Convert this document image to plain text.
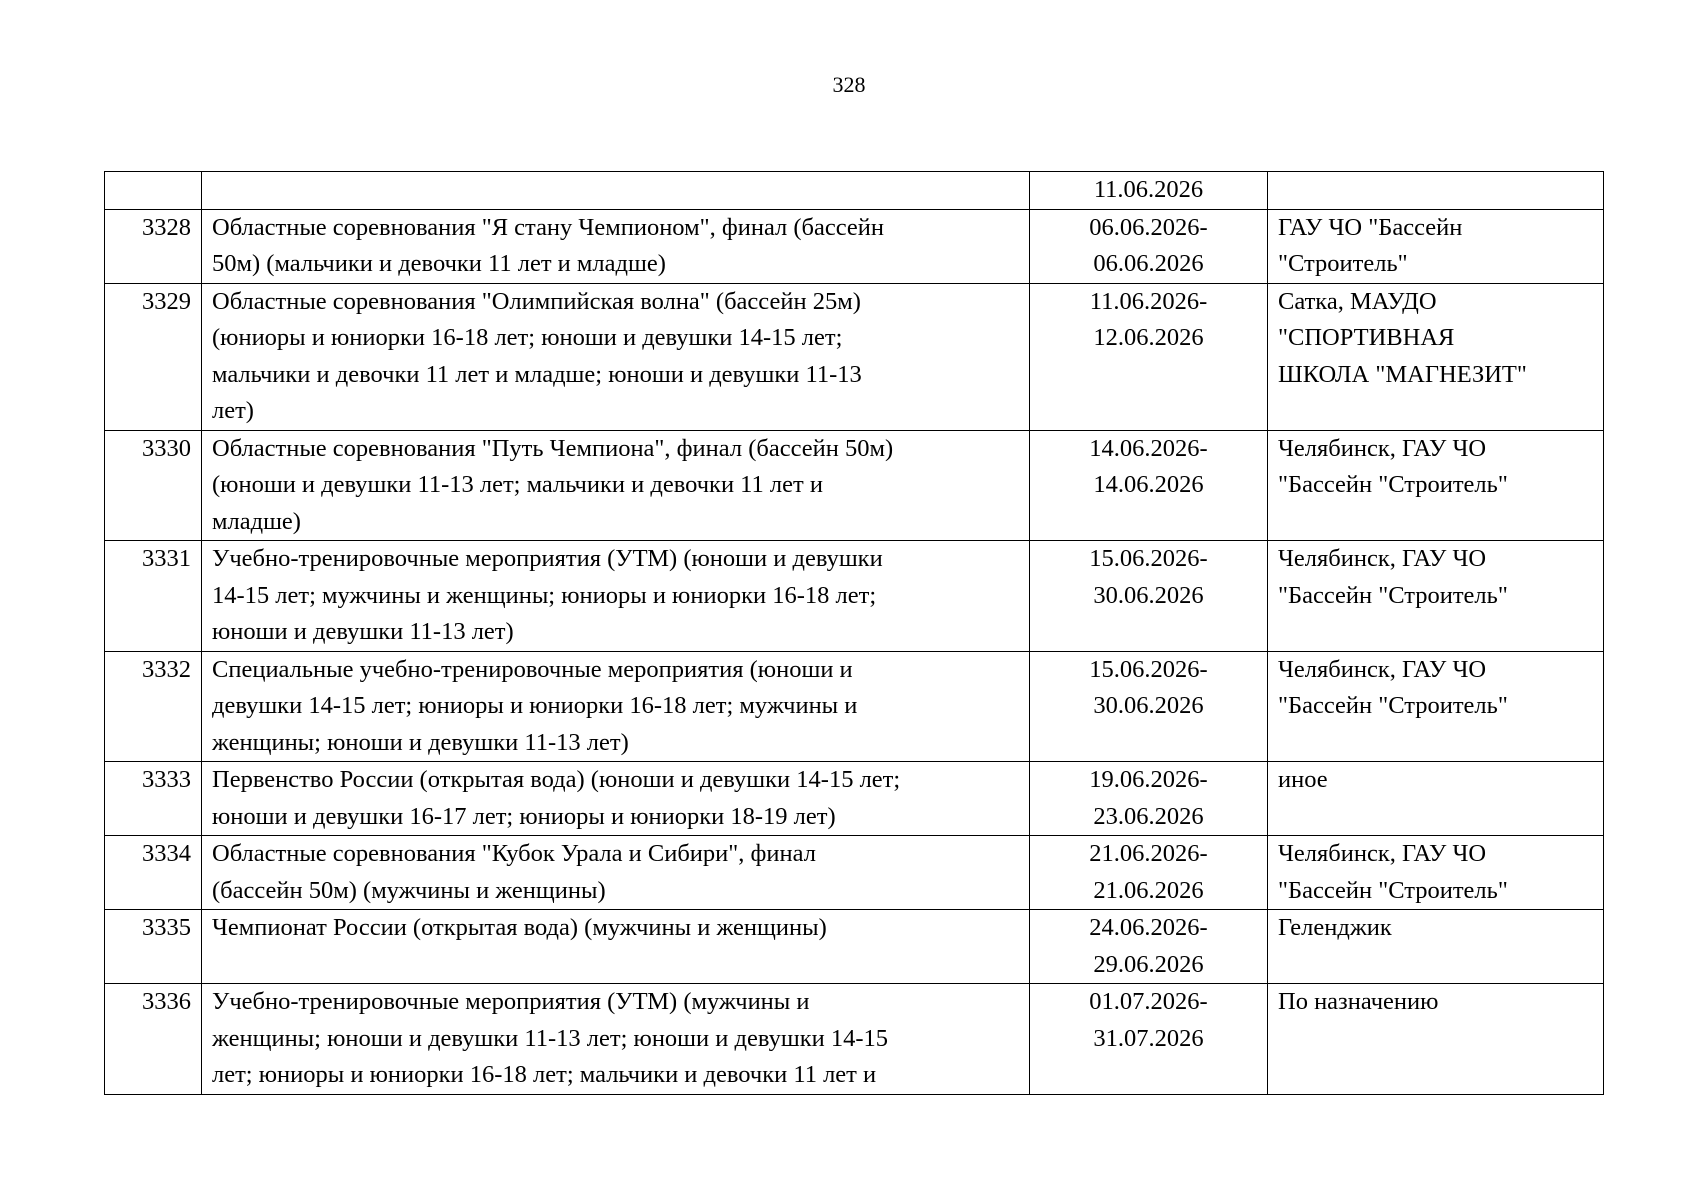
328

		11.06.2026	

3328	Областные соревнования "Я стану Чемпионом", финал (бассейн
50м) (мальчики и девочки 11 лет и младше)	06.06.2026-
06.06.2026	ГАУ ЧО "Бассейн
"Строитель"

3329	Областные соревнования "Олимпийская волна" (бассейн 25м)
(юниоры и юниорки 16-18 лет; юноши и девушки 14-15 лет;
мальчики и девочки 11 лет и младше; юноши и девушки 11-13
лет)	11.06.2026-
12.06.2026	Сатка, МАУДО
"СПОРТИВНАЯ
ШКОЛА "МАГНЕЗИТ"

3330	Областные соревнования "Путь Чемпиона", финал (бассейн 50м)
(юноши и девушки 11-13 лет; мальчики и девочки 11 лет и
младше)	14.06.2026-
14.06.2026	Челябинск, ГАУ ЧО
"Бассейн "Строитель"

3331	Учебно-тренировочные мероприятия (УТМ) (юноши и девушки
14-15 лет; мужчины и женщины; юниоры и юниорки 16-18 лет;
юноши и девушки 11-13 лет)	15.06.2026-
30.06.2026	Челябинск, ГАУ ЧО
"Бассейн "Строитель"

3332	Специальные учебно-тренировочные мероприятия (юноши и
девушки 14-15 лет; юниоры и юниорки 16-18 лет; мужчины и
женщины; юноши и девушки 11-13 лет)	15.06.2026-
30.06.2026	Челябинск, ГАУ ЧО
"Бассейн "Строитель"

3333	Первенство России (открытая вода) (юноши и девушки 14-15 лет;
юноши и девушки 16-17 лет; юниоры и юниорки 18-19 лет)	19.06.2026-
23.06.2026	иное

3334	Областные соревнования "Кубок Урала и Сибири", финал
(бассейн 50м) (мужчины и женщины)	21.06.2026-
21.06.2026	Челябинск, ГАУ ЧО
"Бассейн "Строитель"

3335	Чемпионат России (открытая вода) (мужчины и женщины)	24.06.2026-
29.06.2026	Геленджик

3336	Учебно-тренировочные мероприятия (УТМ) (мужчины и
женщины; юноши и девушки 11-13 лет; юноши и девушки 14-15
лет; юниоры и юниорки 16-18 лет; мальчики и девочки 11 лет и	01.07.2026-
31.07.2026	По назначению
